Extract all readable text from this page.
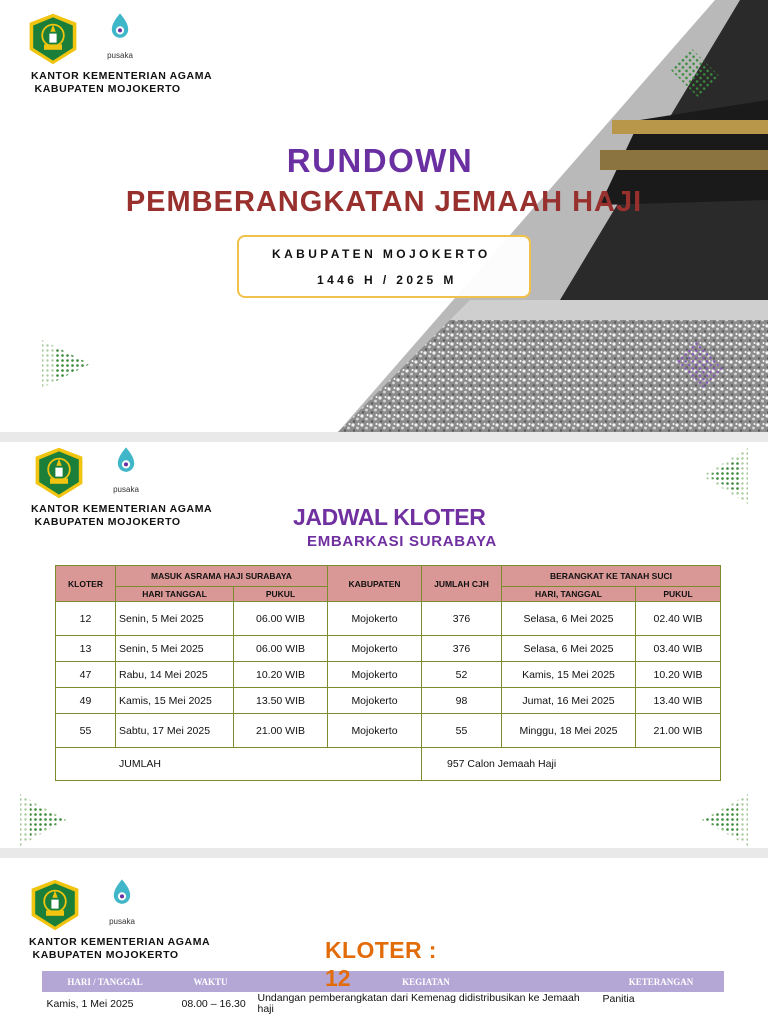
pusaka
KANTOR KEMENTERIAN AGAMA
KABUPATEN MOJOKERTO
RUNDOWN
PEMBERANGKATAN JEMAAH HAJI
KABUPATEN MOJOKERTO
1446 H / 2025 M
pusaka
KANTOR KEMENTERIAN AGAMA
KABUPATEN MOJOKERTO	JADWAL KLOTER
EMBARKASI SURABAYA
KLOTER	MASUK ASRAMA HAJI SURABAYA		KABUPATEN	JUMLAH CJH	BERANGKAT KE TANAH SUCI	
	HARI TANGGAL	PUKUL			HARI, TANGGAL	PUKUL
12	Senin, 5 Mei 2025	06.00 WIB	Mojokerto	376	Selasa, 6 Mei 2025	02.40 WIB
13	Senin, 5 Mei 2025	06.00 WIB	Mojokerto	376	Selasa, 6 Mei 2025	03.40 WIB
47	Rabu, 14 Mei 2025	10.20 WIB	Mojokerto	52	Kamis, 15 Mei 2025	10.20 WIB
49	Kamis, 15 Mei 2025	13.50 WIB	Mojokerto	98	Jumat, 16 Mei 2025	13.40 WIB
55	Sabtu, 17 Mei 2025	21.00 WIB	Mojokerto	55	Minggu, 18 Mei 2025	21.00 WIB
JUMLAH				957 Calon Jemaah Haji		
pusaka
KANTOR KEMENTERIAN AGAMA
KABUPATEN MOJOKERTO	KLOTER :
HARI / TANGGAL	WAKTU	KEGIATAN	KETERANGAN
Kamis, 1 Mei 2025	08.00 – 16.30	Undangan pemberangkatan dari Kemenag didistribusikan ke Jemaah haji	Panitia
12
